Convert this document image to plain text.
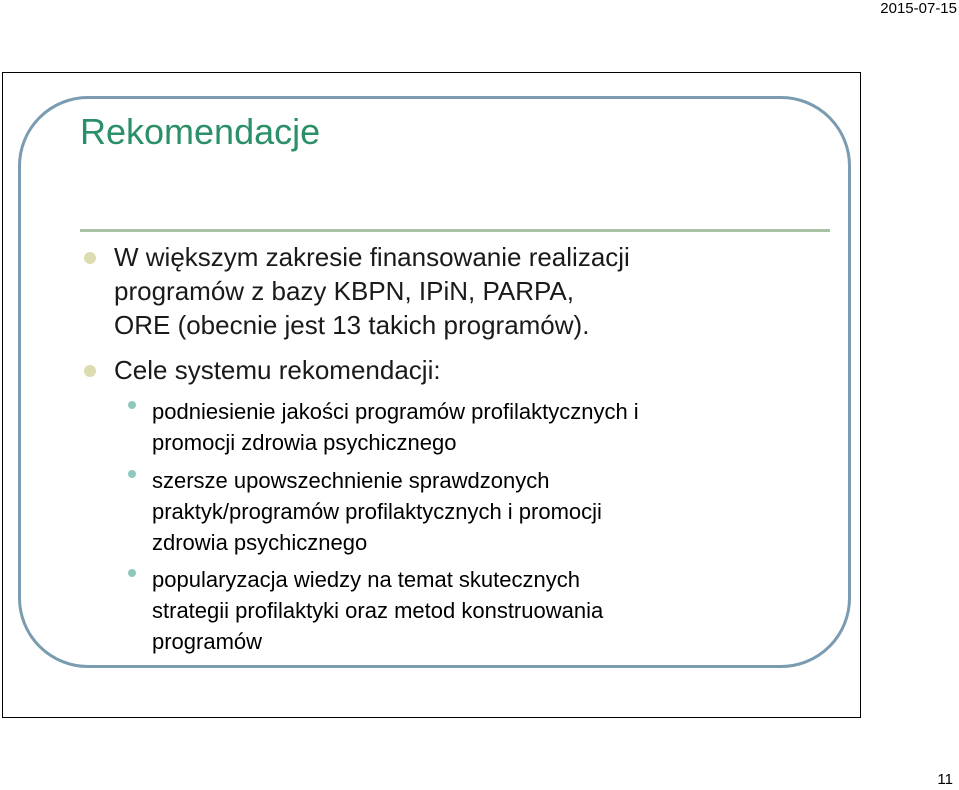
2015-07-15
Rekomendacje
W większym zakresie finansowanie realizacji
programów z bazy KBPN, IPiN, PARPA,
ORE (obecnie jest 13 takich programów).
Cele systemu rekomendacji:
podniesienie jakości programów profilaktycznych i
promocji zdrowia psychicznego
szersze upowszechnienie sprawdzonych
praktyk/programów profilaktycznych i promocji
zdrowia psychicznego
popularyzacja wiedzy na temat skutecznych
strategii profilaktyki oraz metod konstruowania
programów
11
